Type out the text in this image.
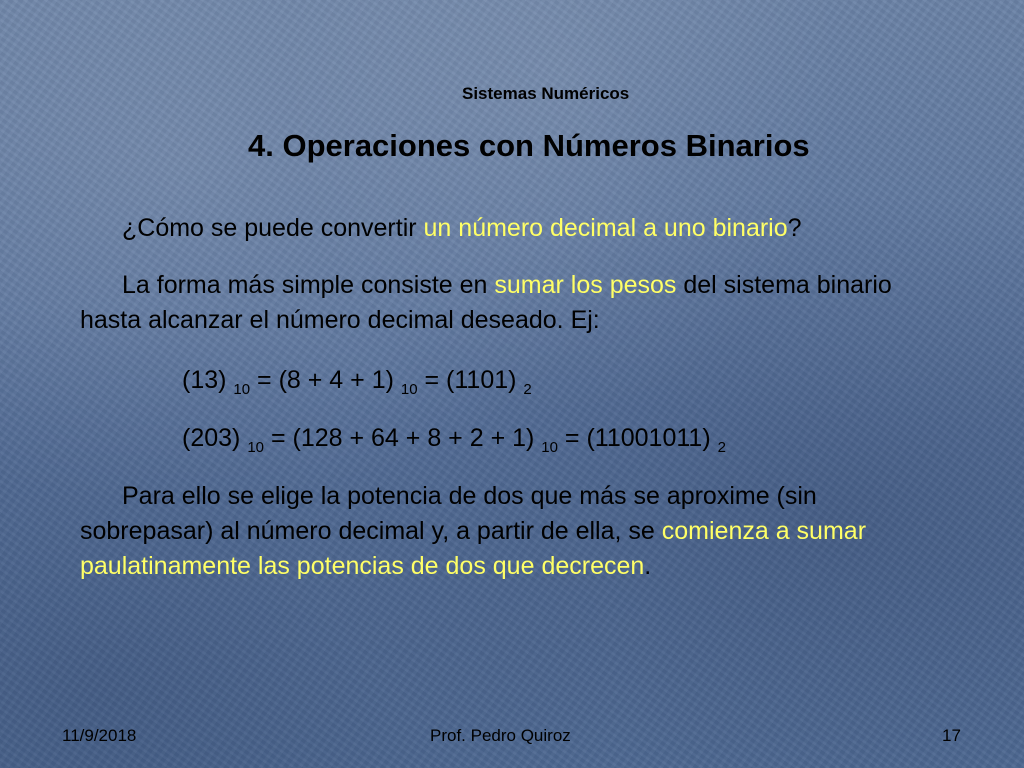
Sistemas Numéricos
4. Operaciones con Números Binarios
¿Cómo se puede convertir un número decimal a uno binario?
La forma más simple consiste en sumar los pesos del sistema binario hasta alcanzar el número decimal deseado. Ej:
(13) $_{10}$ = (8 + 4 + 1) $_{10}$ = (1101) $_2$
(203) $_{10}$ = (128 + 64 + 8 + 2 + 1) $_{10}$ = (11001011) $_2$
Para ello se elige la potencia de dos que más se aproxime (sin sobrepasar) al número decimal y, a partir de ella, se comienza a sumar paulatinamente las potencias de dos que decrecen.
11/9/2018	Prof. Pedro Quiroz	17
